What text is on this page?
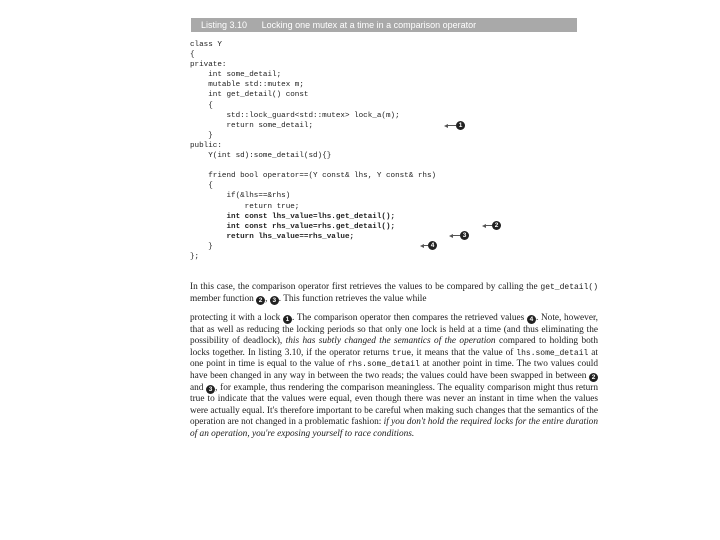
Listing 3.10 Locking one mutex at a time in a comparison operator
class Y
{
private:
int some_detail;
mutable std::mutex m;
int get_detail() const
{
std::lock_guard<std::mutex> lock_a(m);
return some_detail;
}
public:
Y(int sd):some_detail(sd){}
friend bool operator==(Y const& lhs, Y const& rhs)
{
if(&lhs==&rhs)
return true;
int const lhs_value=lhs.get_detail();
int const rhs_value=rhs.get_detail();
return lhs_value==rhs_value;
}
};
1
2
3
4
In this case, the comparison operator first retrieves the values to be compared by calling the get_detail() member function 2 , 3 . This function retrieves the value while
protecting it with a lock 1 . The comparison operator then compares the retrieved values 4 . Note, however, that as well as reducing the locking periods so that only one lock is held at a time (and thus eliminating the possibility of deadlock), this has subtly changed the semantics of the operation compared to holding both locks together. In listing 3.10, if the operator returns true, it means that the value of lhs.some_detail at one point in time is equal to the value of rhs.some_detail at another point in time. The two values could have been changed in any way in between the two reads; the values could have been swapped in between 2 and 3 , for example, thus rendering the comparison meaningless. The equality comparison might thus return true to indicate that the values were equal, even though there was never an instant in time when the values were actually equal. It's therefore important to be careful when making such changes that the semantics of the operation are not changed in a problematic fashion: if you don't hold the required locks for the entire duration of an operation, you're exposing yourself to race conditions.
